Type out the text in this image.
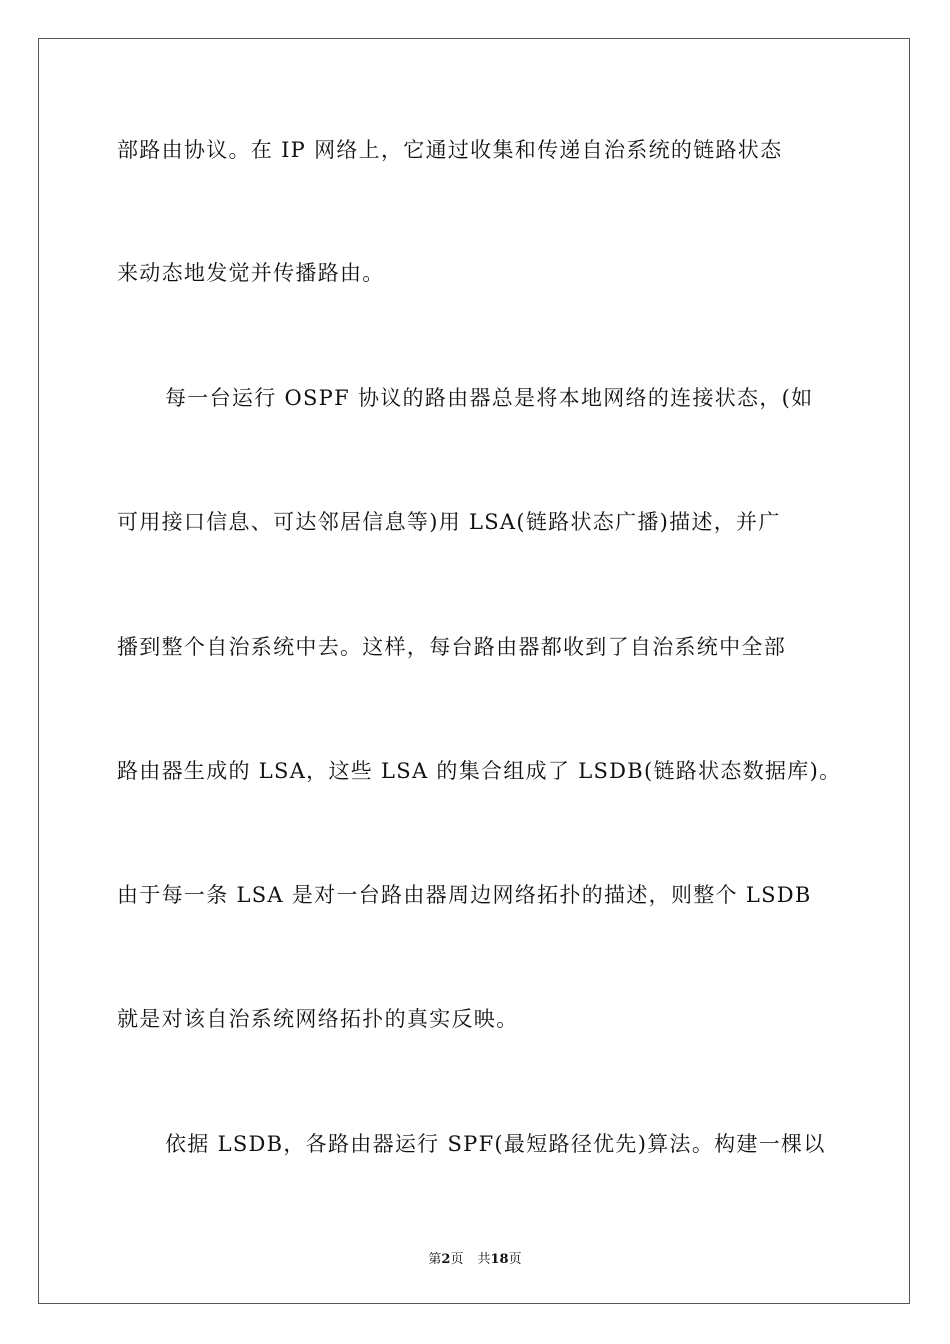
部路由协议。在 IP 网络上，它通过收集和传递自治系统的链路状态
来动态地发觉并传播路由。
每一台运行 OSPF 协议的路由器总是将本地网络的连接状态，(如
可用接口信息、可达邻居信息等)用 LSA(链路状态广播)描述，并广
播到整个自治系统中去。这样，每台路由器都收到了自治系统中全部
路由器生成的 LSA，这些 LSA 的集合组成了 LSDB(链路状态数据库)。
由于每一条 LSA 是对一台路由器周边网络拓扑的描述，则整个 LSDB
就是对该自治系统网络拓扑的真实反映。
依据 LSDB，各路由器运行 SPF(最短路径优先)算法。构建一棵以
第2页 共18页
